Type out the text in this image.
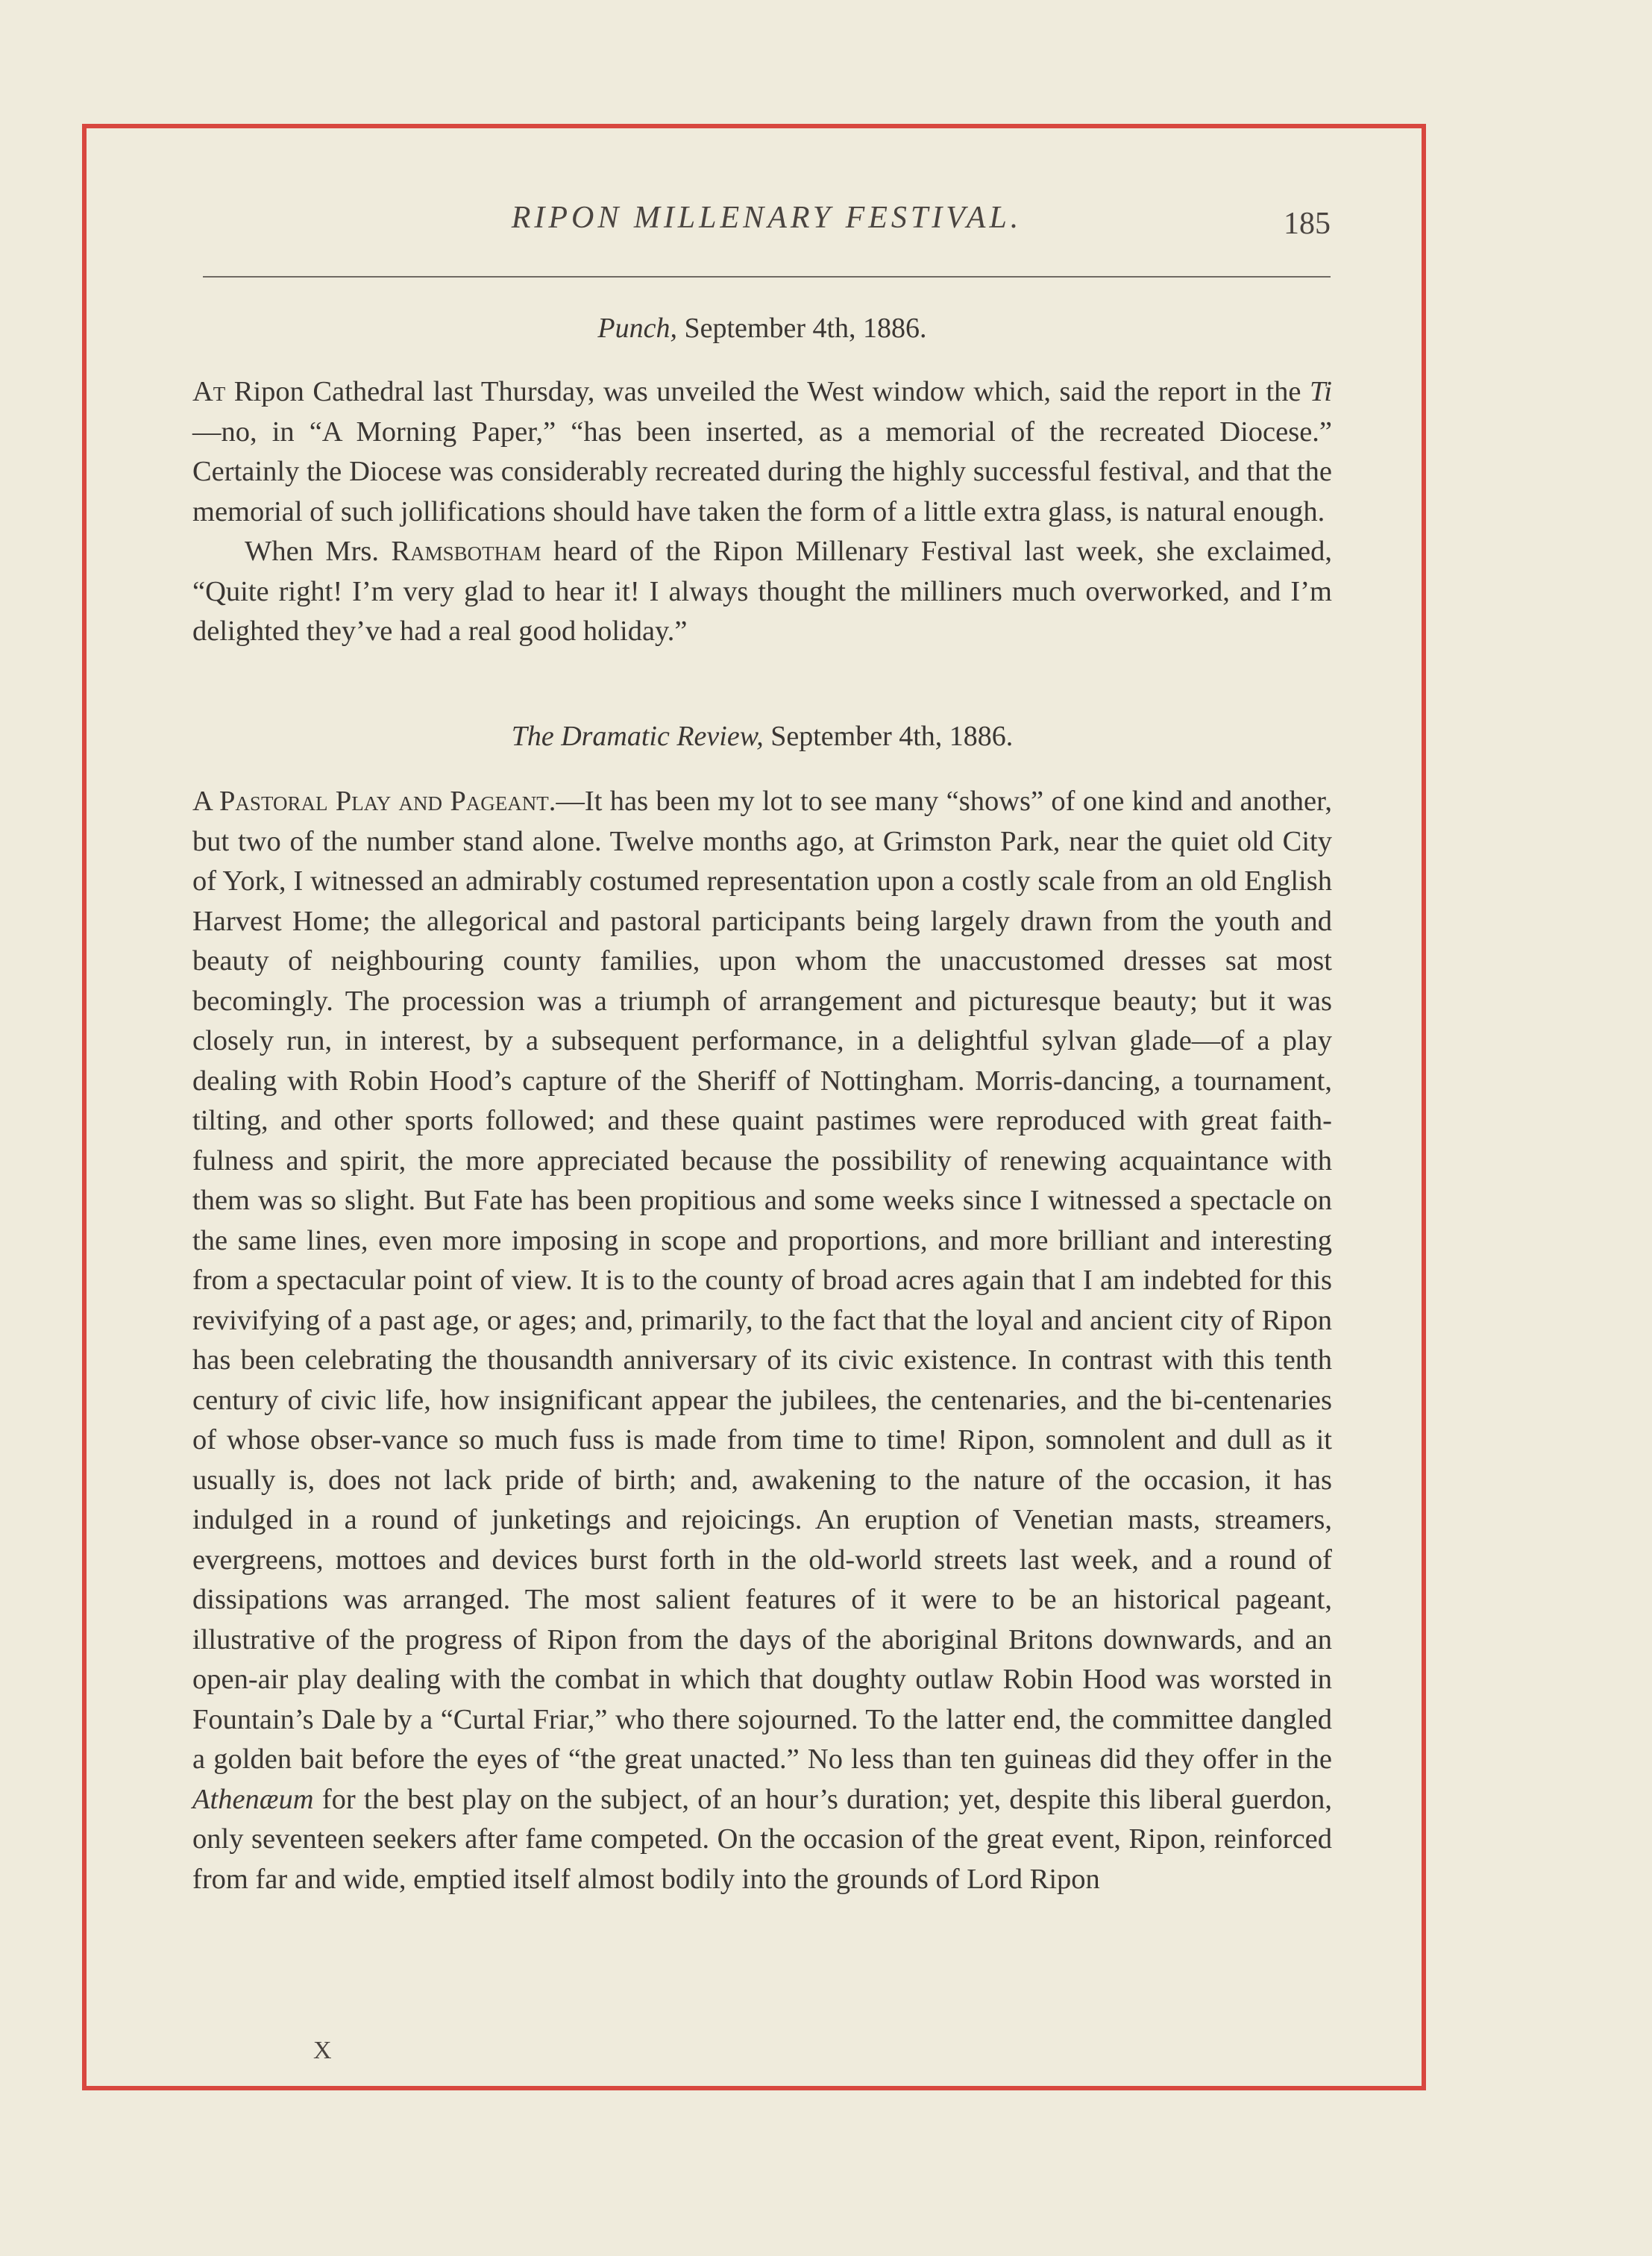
RIPON MILLENARY FESTIVAL.	185
Punch, September 4th, 1886.

At Ripon Cathedral last Thursday, was unveiled the West window which, said the report in the Ti—no, in “A Morning Paper,” “has been inserted, as a memorial of the recreated Diocese.” Certainly the Diocese was considerably recreated during the highly successful festival, and that the memorial of such jollifications should have taken the form of a little extra glass, is natural enough.

When Mrs. Ramsbotham heard of the Ripon Millenary Festival last week, she exclaimed, “Quite right! I’m very glad to hear it! I always thought the milliners much overworked, and I’m delighted they’ve had a real good holiday.”

The Dramatic Review, September 4th, 1886.

A Pastoral Play and Pageant.—It has been my lot to see many “shows” of one kind and another, but two of the number stand alone. Twelve months ago, at Grimston Park, near the quiet old City of York, I witnessed an admirably costumed representation upon a costly scale from an old English Harvest Home; the allegorical and pastoral participants being largely drawn from the youth and beauty of neighbouring county families, upon whom the unaccustomed dresses sat most becomingly. The procession was a triumph of arrangement and picturesque beauty; but it was closely run, in interest, by a subsequent performance, in a delightful sylvan glade—of a play dealing with Robin Hood’s capture of the Sheriff of Nottingham. Morris-dancing, a tournament, tilting, and other sports followed; and these quaint pastimes were reproduced with great faith-fulness and spirit, the more appreciated because the possibility of renewing acquaintance with them was so slight. But Fate has been propitious and some weeks since I witnessed a spectacle on the same lines, even more imposing in scope and proportions, and more brilliant and interesting from a spectacular point of view. It is to the county of broad acres again that I am indebted for this revivifying of a past age, or ages; and, primarily, to the fact that the loyal and ancient city of Ripon has been celebrating the thousandth anniversary of its civic existence. In contrast with this tenth century of civic life, how insignificant appear the jubilees, the centenaries, and the bi-centenaries of whose obser-vance so much fuss is made from time to time! Ripon, somnolent and dull as it usually is, does not lack pride of birth; and, awakening to the nature of the occasion, it has indulged in a round of junketings and rejoicings. An eruption of Venetian masts, streamers, evergreens, mottoes and devices burst forth in the old-world streets last week, and a round of dissipations was arranged. The most salient features of it were to be an historical pageant, illustrative of the progress of Ripon from the days of the aboriginal Britons downwards, and an open-air play dealing with the combat in which that doughty outlaw Robin Hood was worsted in Fountain’s Dale by a “Curtal Friar,” who there sojourned. To the latter end, the committee dangled a golden bait before the eyes of “the great unacted.” No less than ten guineas did they offer in the Athenæum for the best play on the subject, of an hour’s duration; yet, despite this liberal guerdon, only seventeen seekers after fame competed. On the occasion of the great event, Ripon, reinforced from far and wide, emptied itself almost bodily into the grounds of Lord Ripon

X
